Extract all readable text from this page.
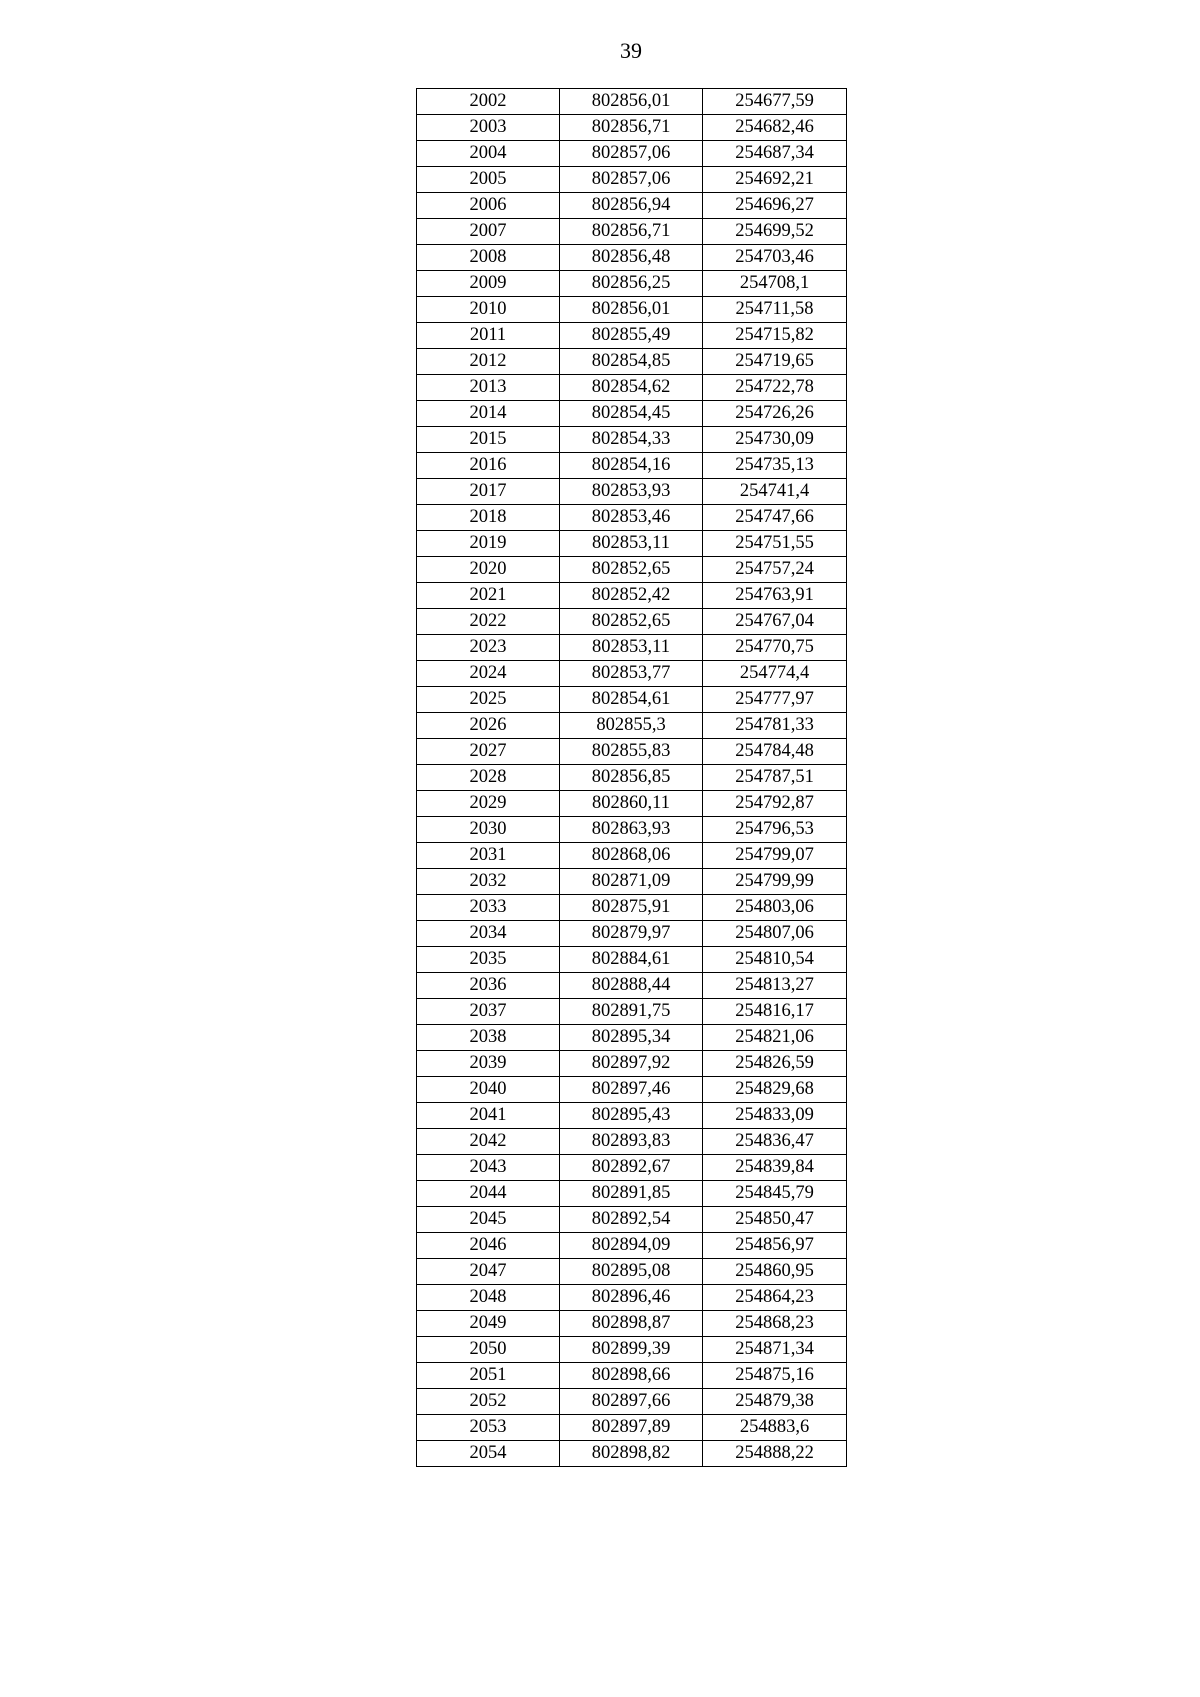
39
2002	802856,01	254677,59
2003	802856,71	254682,46
2004	802857,06	254687,34
2005	802857,06	254692,21
2006	802856,94	254696,27
2007	802856,71	254699,52
2008	802856,48	254703,46
2009	802856,25	254708,1
2010	802856,01	254711,58
2011	802855,49	254715,82
2012	802854,85	254719,65
2013	802854,62	254722,78
2014	802854,45	254726,26
2015	802854,33	254730,09
2016	802854,16	254735,13
2017	802853,93	254741,4
2018	802853,46	254747,66
2019	802853,11	254751,55
2020	802852,65	254757,24
2021	802852,42	254763,91
2022	802852,65	254767,04
2023	802853,11	254770,75
2024	802853,77	254774,4
2025	802854,61	254777,97
2026	802855,3	254781,33
2027	802855,83	254784,48
2028	802856,85	254787,51
2029	802860,11	254792,87
2030	802863,93	254796,53
2031	802868,06	254799,07
2032	802871,09	254799,99
2033	802875,91	254803,06
2034	802879,97	254807,06
2035	802884,61	254810,54
2036	802888,44	254813,27
2037	802891,75	254816,17
2038	802895,34	254821,06
2039	802897,92	254826,59
2040	802897,46	254829,68
2041	802895,43	254833,09
2042	802893,83	254836,47
2043	802892,67	254839,84
2044	802891,85	254845,79
2045	802892,54	254850,47
2046	802894,09	254856,97
2047	802895,08	254860,95
2048	802896,46	254864,23
2049	802898,87	254868,23
2050	802899,39	254871,34
2051	802898,66	254875,16
2052	802897,66	254879,38
2053	802897,89	254883,6
2054	802898,82	254888,22
